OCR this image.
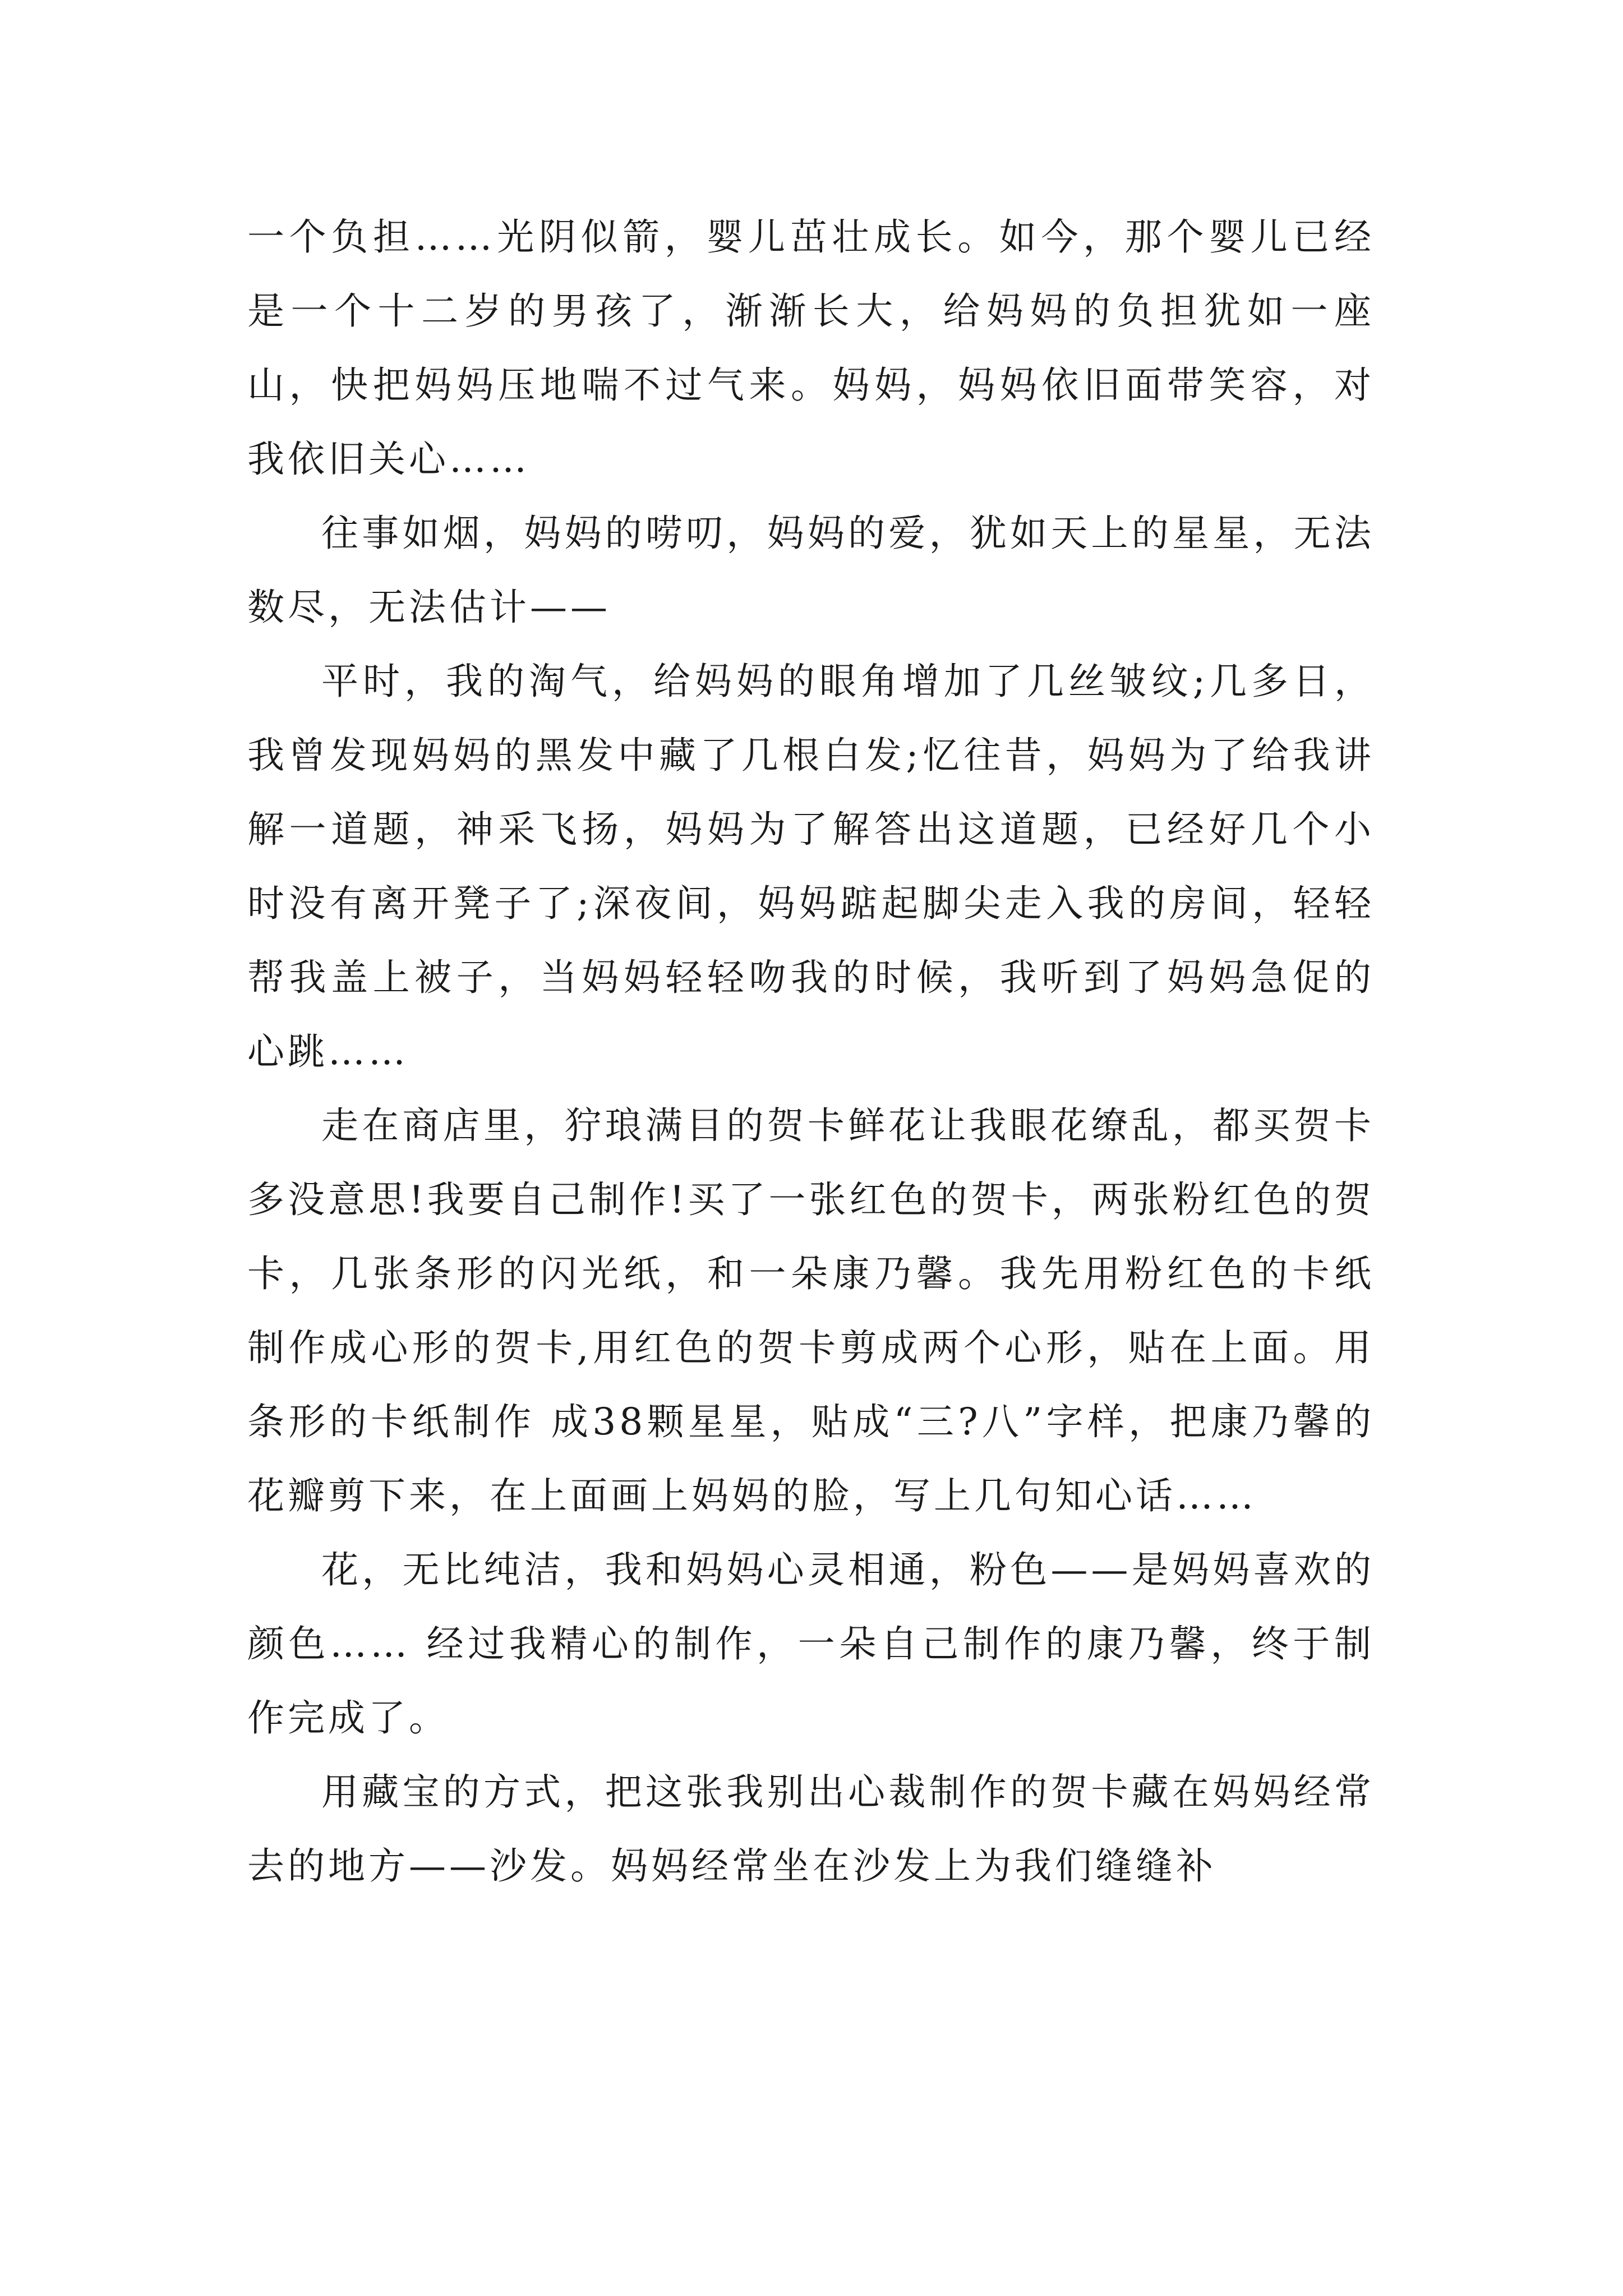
一个负担……光阴似箭，婴儿茁壮成长。如今，那个婴儿已经是一个十二岁的男孩了，渐渐长大，给妈妈的负担犹如一座山，快把妈妈压地喘不过气来。妈妈，妈妈依旧面带笑容，对我依旧关心……

往事如烟，妈妈的唠叨，妈妈的爱，犹如天上的星星，无法数尽，无法估计——

平时，我的淘气，给妈妈的眼角增加了几丝皱纹;几多日，我曾发现妈妈的黑发中藏了几根白发;忆往昔，妈妈为了给我讲解一道题，神采飞扬，妈妈为了解答出这道题，已经好几个小时没有离开凳子了;深夜间，妈妈踮起脚尖走入我的房间，轻轻帮我盖上被子，当妈妈轻轻吻我的时候，我听到了妈妈急促的心跳……

走在商店里，狞琅满目的贺卡鲜花让我眼花缭乱，都买贺卡多没意思!我要自己制作!买了一张红色的贺卡，两张粉红色的贺卡，几张条形的闪光纸，和一朵康乃馨。我先用粉红色的卡纸制作成心形的贺卡,用红色的贺卡剪成两个心形，贴在上面。用条形的卡纸制作 成38颗星星，贴成“三?八”字样，把康乃馨的花瓣剪下来，在上面画上妈妈的脸，写上几句知心话……

花，无比纯洁，我和妈妈心灵相通，粉色——是妈妈喜欢的颜色…… 经过我精心的制作，一朵自己制作的康乃馨，终于制作完成了。

用藏宝的方式，把这张我别出心裁制作的贺卡藏在妈妈经常去的地方——沙发。妈妈经常坐在沙发上为我们缝缝补
